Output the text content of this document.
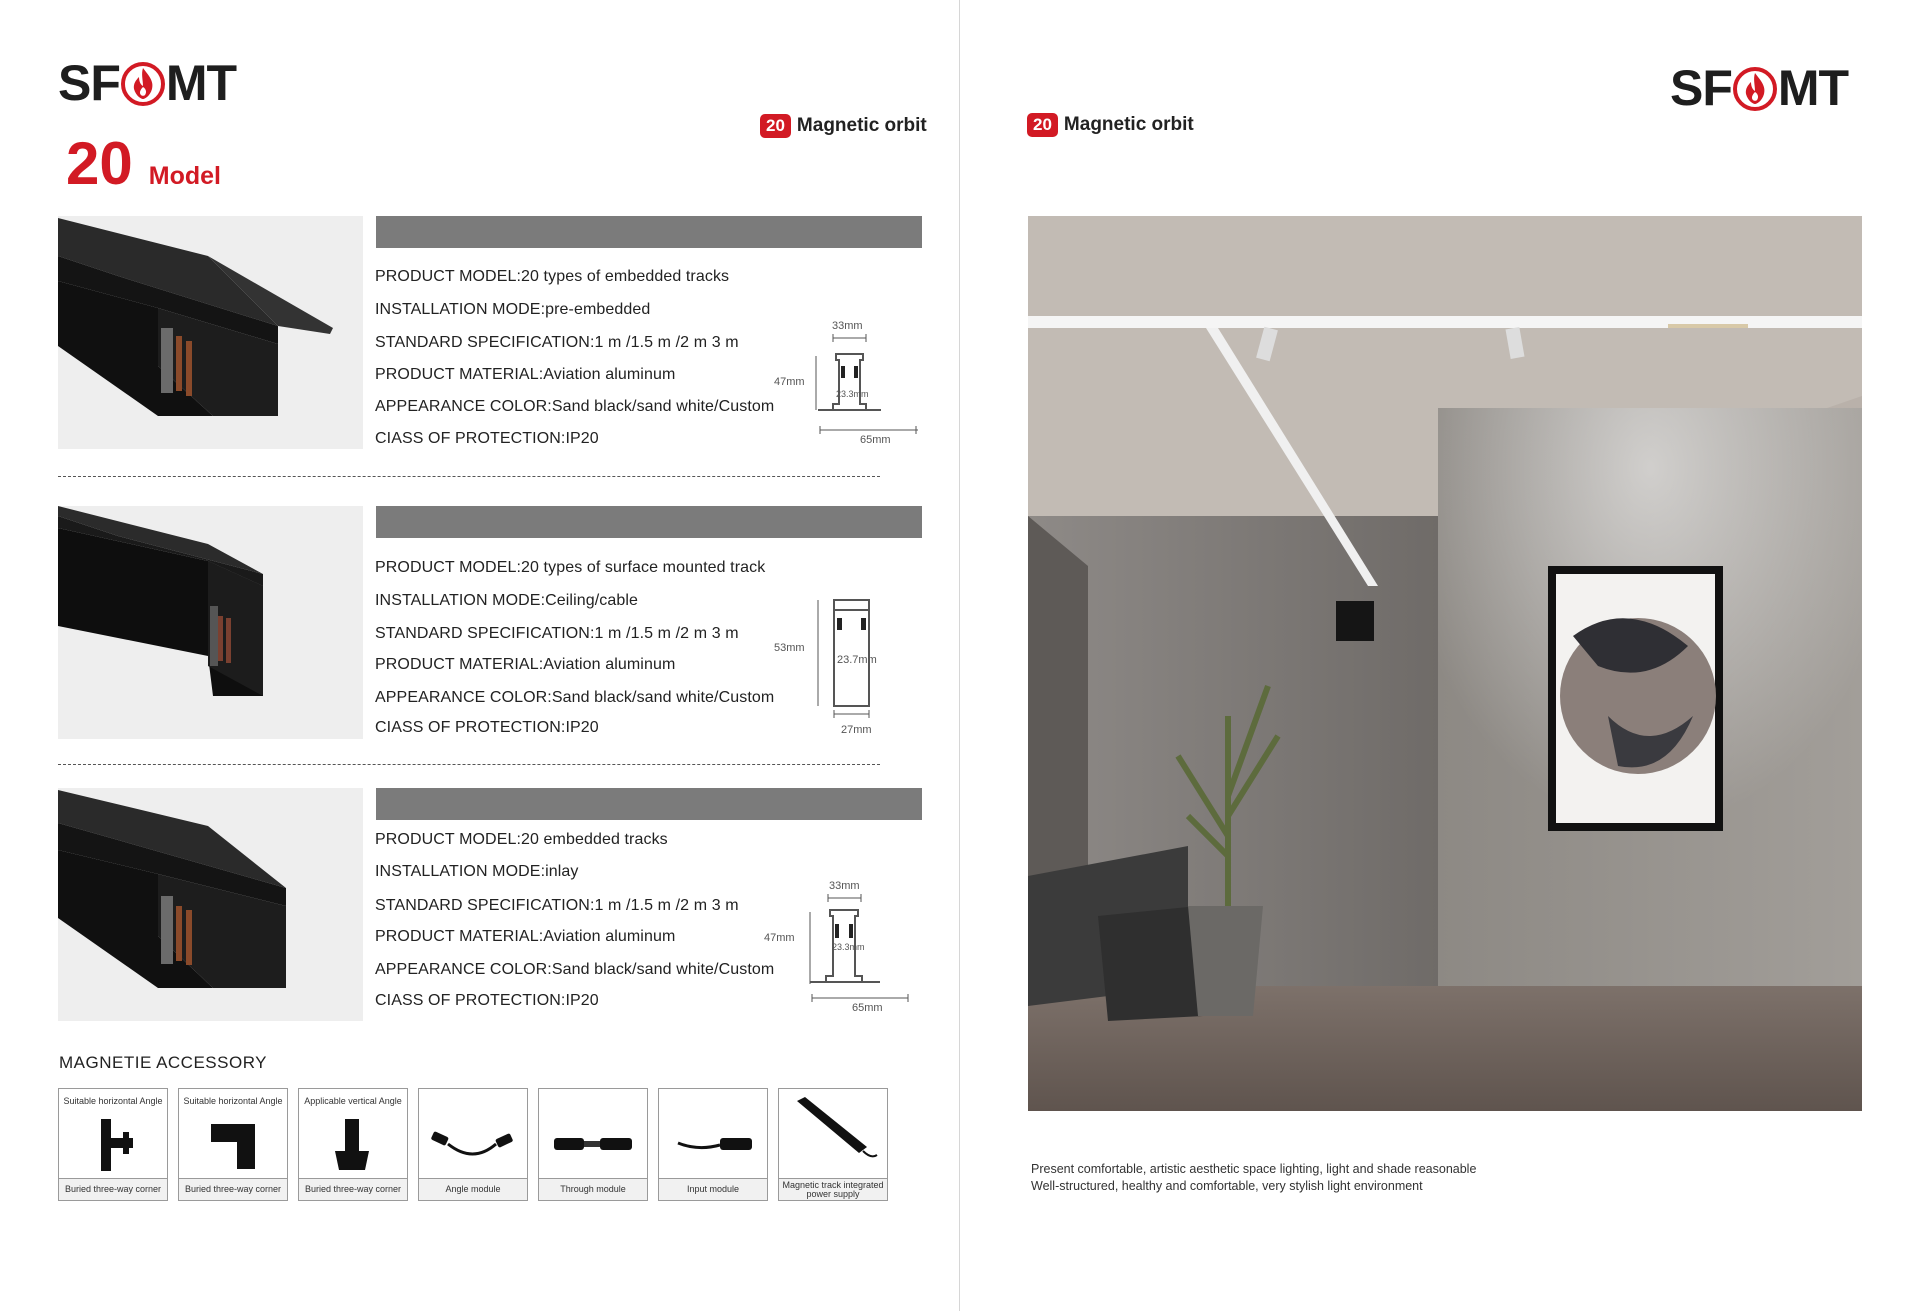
SF MT
20 Magnetic orbit
20 Model
PRODUCT MODEL:20 types of embedded tracks
INSTALLATION MODE:pre-embedded
STANDARD SPECIFICATION:1 m /1.5 m /2 m 3 m
PRODUCT MATERIAL:Aviation aluminum
APPEARANCE COLOR:Sand black/sand white/Custom
CIASS OF PROTECTION:IP20
33mm
47mm
23.3mm
65mm
PRODUCT MODEL:20 types of surface mounted track
INSTALLATION MODE:Ceiling/cable
STANDARD SPECIFICATION:1 m /1.5 m /2 m 3 m
PRODUCT MATERIAL:Aviation aluminum
APPEARANCE COLOR:Sand black/sand white/Custom
CIASS OF PROTECTION:IP20
53mm
23.7mm
27mm
PRODUCT MODEL:20 embedded tracks
INSTALLATION MODE:inlay
STANDARD SPECIFICATION:1 m /1.5 m /2 m 3 m
PRODUCT MATERIAL:Aviation aluminum
APPEARANCE COLOR:Sand black/sand white/Custom
CIASS OF PROTECTION:IP20
33mm
47mm
23.3mm
65mm
MAGNETIE ACCESSORY
Suitable horizontal Angle
Buried three-way corner
Suitable horizontal Angle
Buried three-way corner
Applicable vertical Angle
Buried three-way corner	Angle module	Through module	Input module	Magnetic track integrated power supply
SF MT
20 Magnetic orbit
Present comfortable, artistic aesthetic space lighting, light and shade reasonable
Well-structured, healthy and comfortable, very stylish light environment
